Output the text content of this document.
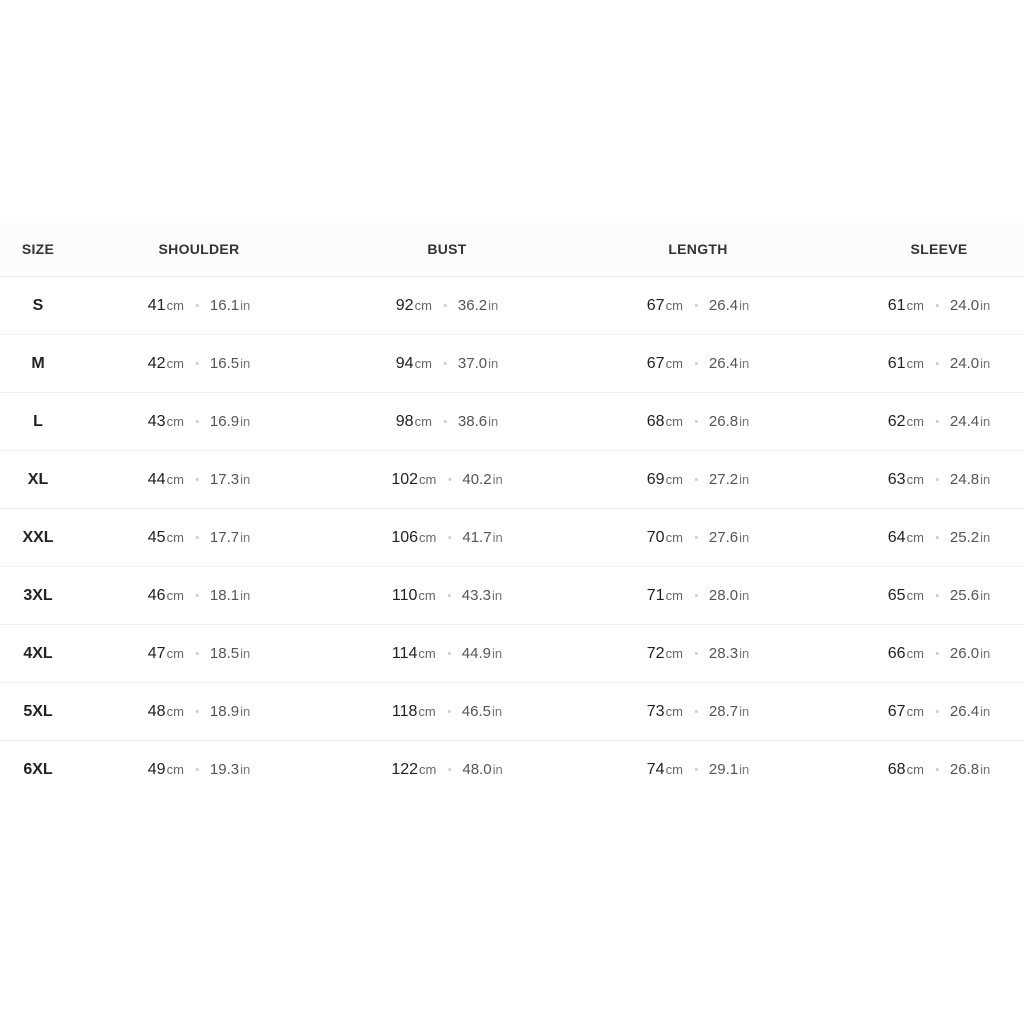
SIZE	SHOULDER	BUST	LENGTH	SLEEVE
S	41cm 16.1in	92cm 36.2in	67cm 26.4in	61cm 24.0in
M	42cm 16.5in	94cm 37.0in	67cm 26.4in	61cm 24.0in
L	43cm 16.9in	98cm 38.6in	68cm 26.8in	62cm 24.4in
XL	44cm 17.3in	102cm 40.2in	69cm 27.2in	63cm 24.8in
XXL	45cm 17.7in	106cm 41.7in	70cm 27.6in	64cm 25.2in
3XL	46cm 18.1in	110cm 43.3in	71cm 28.0in	65cm 25.6in
4XL	47cm 18.5in	114cm 44.9in	72cm 28.3in	66cm 26.0in
5XL	48cm 18.9in	118cm 46.5in	73cm 28.7in	67cm 26.4in
6XL	49cm 19.3in	122cm 48.0in	74cm 29.1in	68cm 26.8in
